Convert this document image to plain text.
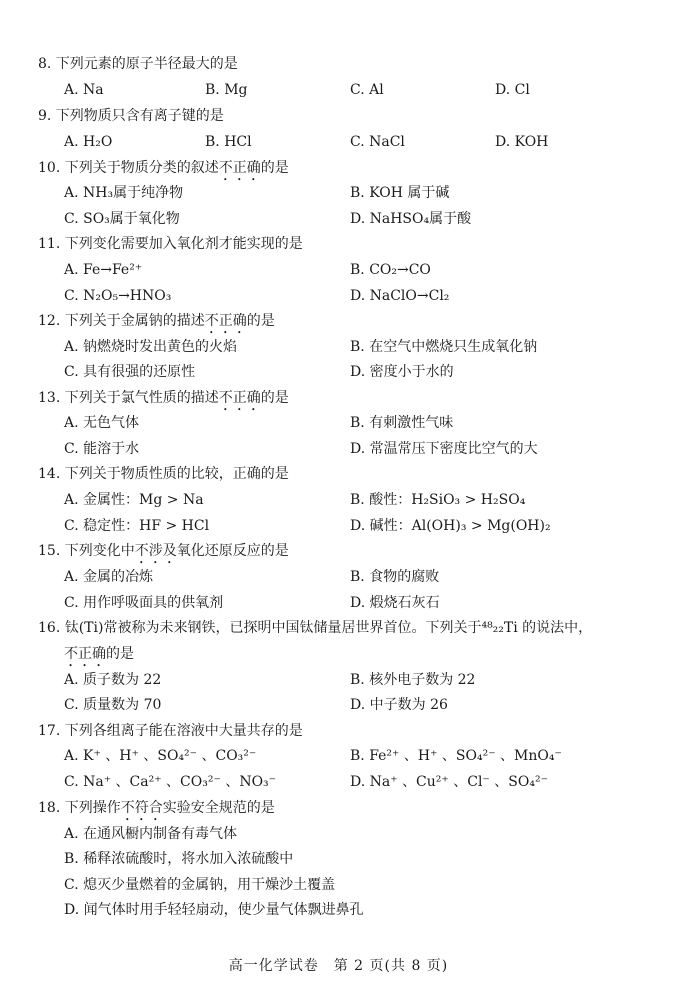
8. 下列元素的原子半径最大的是
A. Na	B. Mg	C. Al	D. Cl
9. 下列物质只含有离子键的是
A. H₂O	B. HCl	C. NaCl	D. KOH
10. 下列关于物质分类的叙述不正确的是
A. NH₃属于纯净物	B. KOH 属于碱
C. SO₃属于氧化物	D. NaHSO₄属于酸
11. 下列变化需要加入氧化剂才能实现的是
A. Fe→Fe²⁺	B. CO₂→CO
C. N₂O₅→HNO₃	D. NaClO→Cl₂
12. 下列关于金属钠的描述不正确的是
A. 钠燃烧时发出黄色的火焰	B. 在空气中燃烧只生成氧化钠
C. 具有很强的还原性	D. 密度小于水的
13. 下列关于氯气性质的描述不正确的是
A. 无色气体	B. 有刺激性气味
C. 能溶于水	D. 常温常压下密度比空气的大
14. 下列关于物质性质的比较，正确的是
A. 金属性：Mg > Na	B. 酸性：H₂SiO₃ > H₂SO₄
C. 稳定性：HF > HCl	D. 碱性：Al(OH)₃ > Mg(OH)₂
15. 下列变化中不涉及氧化还原反应的是
A. 金属的冶炼	B. 食物的腐败
C. 用作呼吸面具的供氧剂	D. 煅烧石灰石
16. 钛(Ti)常被称为未来钢铁，已探明中国钛储量居世界首位。下列关于⁴⁸₂₂Ti 的说法中，
不正确的是
A. 质子数为 22	B. 核外电子数为 22
C. 质量数为 70	D. 中子数为 26
17. 下列各组离子能在溶液中大量共存的是
A. K⁺ 、H⁺ 、SO₄²⁻ 、CO₃²⁻	B. Fe²⁺ 、H⁺ 、SO₄²⁻ 、MnO₄⁻
C. Na⁺ 、Ca²⁺ 、CO₃²⁻ 、NO₃⁻	D. Na⁺ 、Cu²⁺ 、Cl⁻ 、SO₄²⁻
18. 下列操作不符合实验安全规范的是
A. 在通风橱内制备有毒气体
B. 稀释浓硫酸时，将水加入浓硫酸中
C. 熄灭少量燃着的金属钠，用干燥沙土覆盖
D. 闻气体时用手轻轻扇动，使少量气体飘进鼻孔
高一化学试卷　第 2 页(共 8 页)
